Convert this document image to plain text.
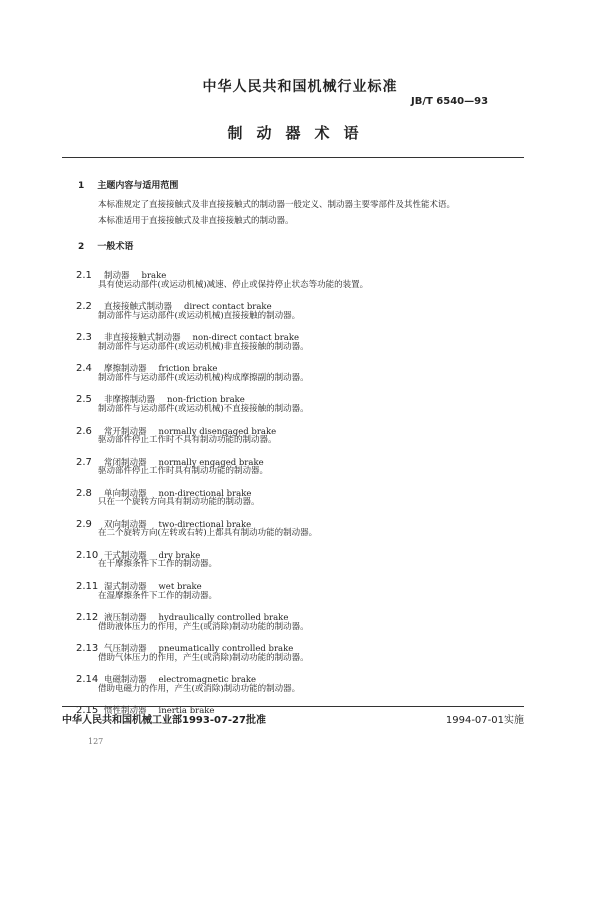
中华人民共和国机械行业标准
JB/T 6540—93
制动器术语
1 主题内容与适用范围
本标准规定了直接接触式及非直接接触式的制动器一般定义、制动器主要零部件及其性能术语。
本标准适用于直接接触式及非直接接触式的制动器。
2 一般术语
2.1 制动器 brake
具有使运动部件(或运动机械)减速、停止或保持停止状态等功能的装置。
2.2 直接接触式制动器 direct contact brake
制动部件与运动部件(或运动机械)直接接触的制动器。
2.3 非直接接触式制动器 non-direct contact brake
制动部件与运动部件(或运动机械)非直接接触的制动器。
2.4 摩擦制动器 friction brake
制动部件与运动部件(或运动机械)构成摩擦副的制动器。
2.5 非摩擦制动器 non-friction brake
制动部件与运动部件(或运动机械)不直接接触的制动器。
2.6 常开制动器 normally disengaged brake
驱动部件停止工作时不具有制动功能的制动器。
2.7 常闭制动器 normally engaged brake
驱动部件停止工作时具有制动功能的制动器。
2.8 单向制动器 non-directional brake
只在一个旋转方向具有制动功能的制动器。
2.9 双向制动器 two-directional brake
在二个旋转方向(左转或右转)上都具有制动功能的制动器。
2.10 干式制动器 dry brake
在干摩擦条件下工作的制动器。
2.11 湿式制动器 wet brake
在湿摩擦条件下工作的制动器。
2.12 液压制动器 hydraulically controlled brake
借助液体压力的作用，产生(或消除)制动功能的制动器。
2.13 气压制动器 pneumatically controlled brake
借助气体压力的作用，产生(或消除)制动功能的制动器。
2.14 电磁制动器 electromagnetic brake
借助电磁力的作用，产生(或消除)制动功能的制动器。
2.15 惯性制动器 inertia brake
中华人民共和国机械工业部1993-07-27批准	1994-07-01实施
127
